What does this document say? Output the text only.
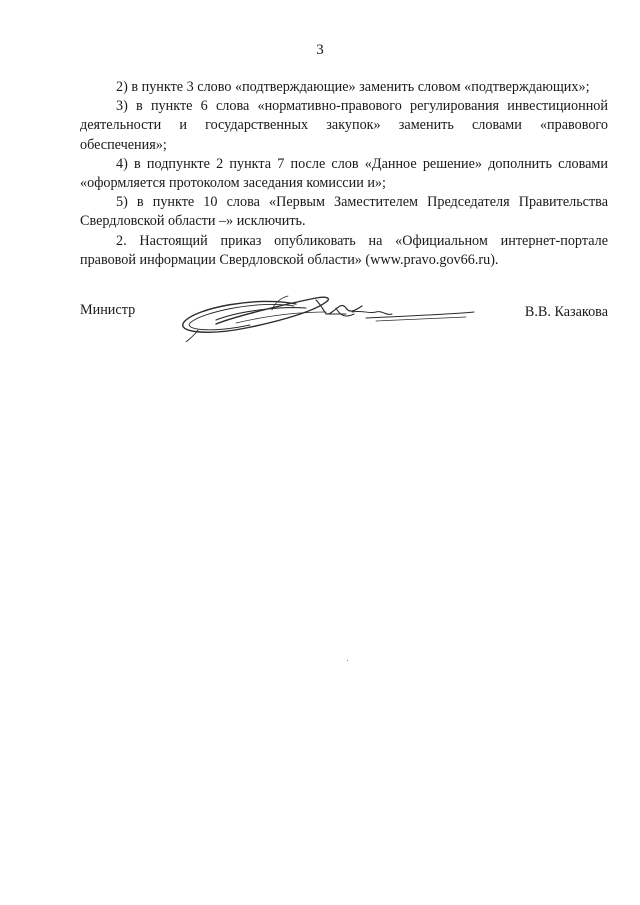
3

2) в пункте 3 слово «подтверждающие» заменить словом «подтверждающих»;

3) в пункте 6 слова «нормативно-правового регулирования инвестиционной деятельности и государственных закупок» заменить словами «правового обеспечения»;

4) в подпункте 2 пункта 7 после слов «Данное решение» дополнить словами «оформляется протоколом заседания комиссии и»;

5) в пункте 10 слова «Первым Заместителем Председателя Правительства Свердловской области –» исключить.

2. Настоящий приказ опубликовать на «Официальном интернет-портале правовой информации Свердловской области» (www.pravo.gov66.ru).

Министр	В.В. Казакова
